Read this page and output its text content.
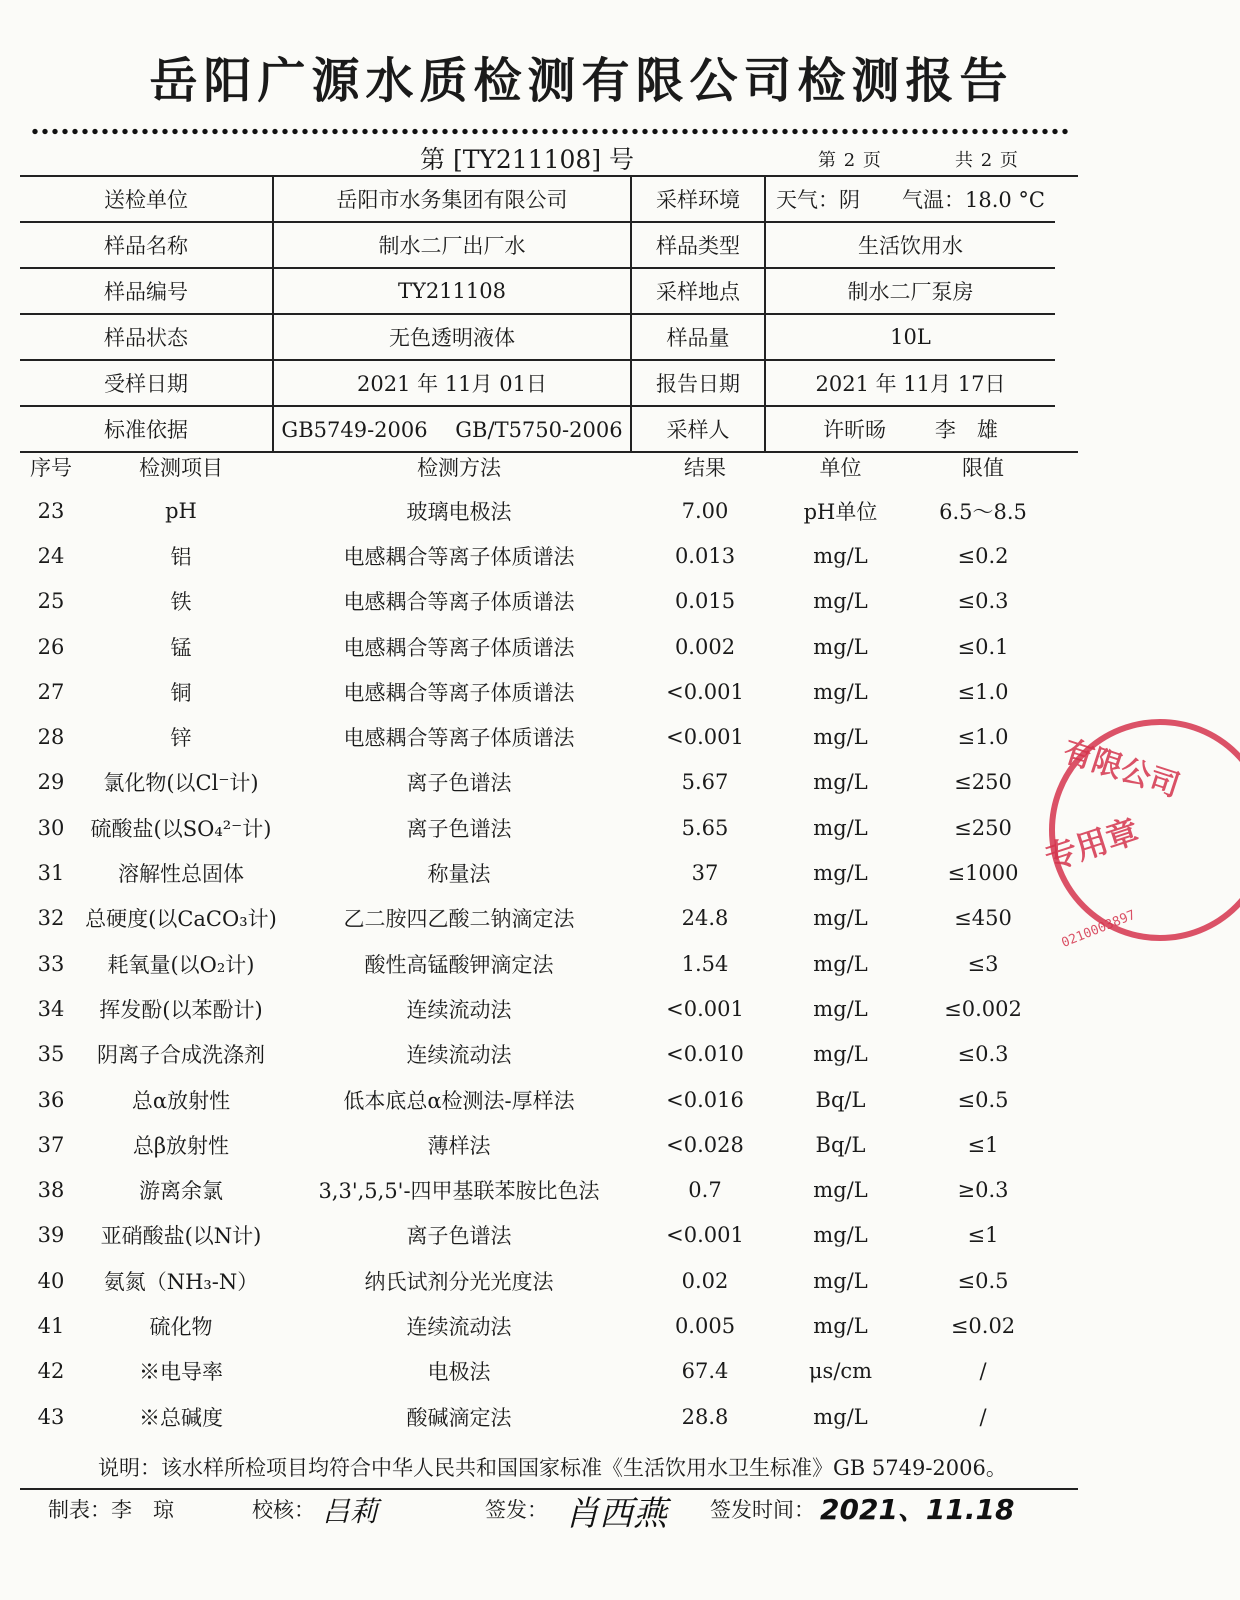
岳阳广源水质检测有限公司检测报告
第 [TY211108] 号	第 2 页	共 2 页
送检单位	岳阳市水务集团有限公司	采样环境	天气：阴　　气温：18.0 °C	
样品名称	制水二厂出厂水	样品类型	生活饮用水	
样品编号	TY211108	采样地点	制水二厂泵房	
样品状态	无色透明液体	样品量	10L	
受样日期	2021 年 11月 01日	报告日期	2021 年 11月 17日	
标准依据	GB5749-2006　 GB/T5750-2006	采样人	许昕旸　　 李　雄	
序号	检测项目	检测方法	结果	单位	限值	
23	pH	玻璃电极法	7.00	pH单位	6.5～8.5	
24	铝	电感耦合等离子体质谱法	0.013	mg/L	≤0.2	
25	铁	电感耦合等离子体质谱法	0.015	mg/L	≤0.3	
26	锰	电感耦合等离子体质谱法	0.002	mg/L	≤0.1	
27	铜	电感耦合等离子体质谱法	<0.001	mg/L	≤1.0	
28	锌	电感耦合等离子体质谱法	<0.001	mg/L	≤1.0	
29	氯化物(以Cl⁻计)	离子色谱法	5.67	mg/L	≤250	
30	硫酸盐(以SO₄²⁻计)	离子色谱法	5.65	mg/L	≤250	
31	溶解性总固体	称量法	37	mg/L	≤1000	
32	总硬度(以CaCO₃计)	乙二胺四乙酸二钠滴定法	24.8	mg/L	≤450	
33	耗氧量(以O₂计)	酸性高锰酸钾滴定法	1.54	mg/L	≤3	
34	挥发酚(以苯酚计)	连续流动法	<0.001	mg/L	≤0.002	
35	阴离子合成洗涤剂	连续流动法	<0.010	mg/L	≤0.3	
36	总α放射性	低本底总α检测法-厚样法	<0.016	Bq/L	≤0.5	
37	总β放射性	薄样法	<0.028	Bq/L	≤1	
38	游离余氯	3,3',5,5'-四甲基联苯胺比色法	0.7	mg/L	≥0.3	
39	亚硝酸盐(以N计)	离子色谱法	<0.001	mg/L	≤1	
40	氨氮（NH₃-N）	纳氏试剂分光光度法	0.02	mg/L	≤0.5	
41	硫化物	连续流动法	0.005	mg/L	≤0.02	
42	※电导率	电极法	67.4	μs/cm	/	
43	※总碱度	酸碱滴定法	28.8	mg/L	/	
说明：该水样所检项目均符合中华人民共和国国家标准《生活饮用水卫生标准》GB 5749-2006。
制表：李　琼	校核： 吕莉	签发： 肖西燕 签发时间： 2021、11.18
有限公司
专用章
0210003897
